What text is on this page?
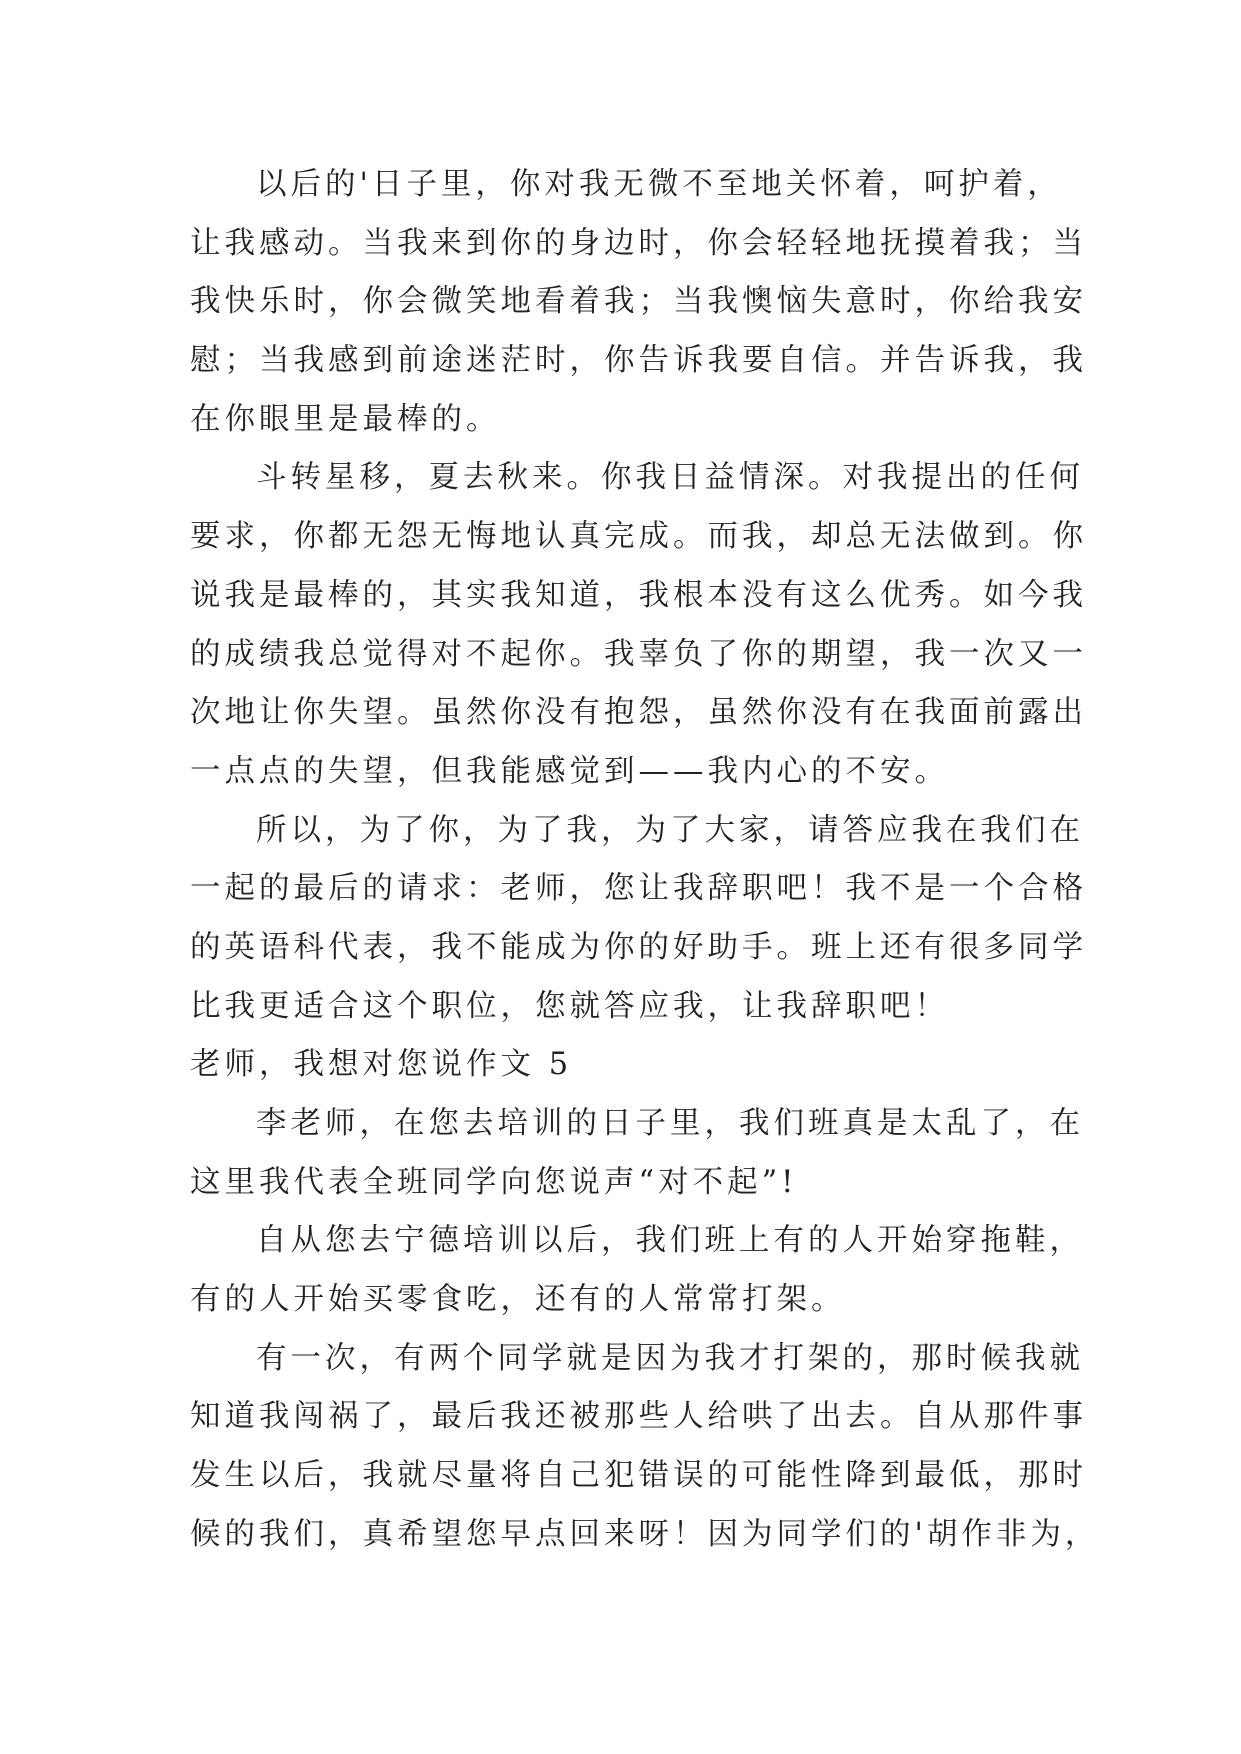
以后的'日子里，你对我无微不至地关怀着，呵护着，
让我感动。当我来到你的身边时，你会轻轻地抚摸着我；当
我快乐时，你会微笑地看着我；当我懊恼失意时，你给我安
慰；当我感到前途迷茫时，你告诉我要自信。并告诉我，我
在你眼里是最棒的。
斗转星移，夏去秋来。你我日益情深。对我提出的任何
要求，你都无怨无悔地认真完成。而我，却总无法做到。你
说我是最棒的，其实我知道，我根本没有这么优秀。如今我
的成绩我总觉得对不起你。我辜负了你的期望，我一次又一
次地让你失望。虽然你没有抱怨，虽然你没有在我面前露出
一点点的失望，但我能感觉到——我内心的不安。
所以，为了你，为了我，为了大家，请答应我在我们在
一起的最后的请求：老师，您让我辞职吧！我不是一个合格
的英语科代表，我不能成为你的好助手。班上还有很多同学
比我更适合这个职位，您就答应我，让我辞职吧！
老师，我想对您说作文 5
李老师，在您去培训的日子里，我们班真是太乱了，在
这里我代表全班同学向您说声“对不起”!
自从您去宁德培训以后，我们班上有的人开始穿拖鞋，
有的人开始买零食吃，还有的人常常打架。
有一次，有两个同学就是因为我才打架的，那时候我就
知道我闯祸了，最后我还被那些人给哄了出去。自从那件事
发生以后，我就尽量将自己犯错误的可能性降到最低，那时
候的我们，真希望您早点回来呀！因为同学们的'胡作非为，
